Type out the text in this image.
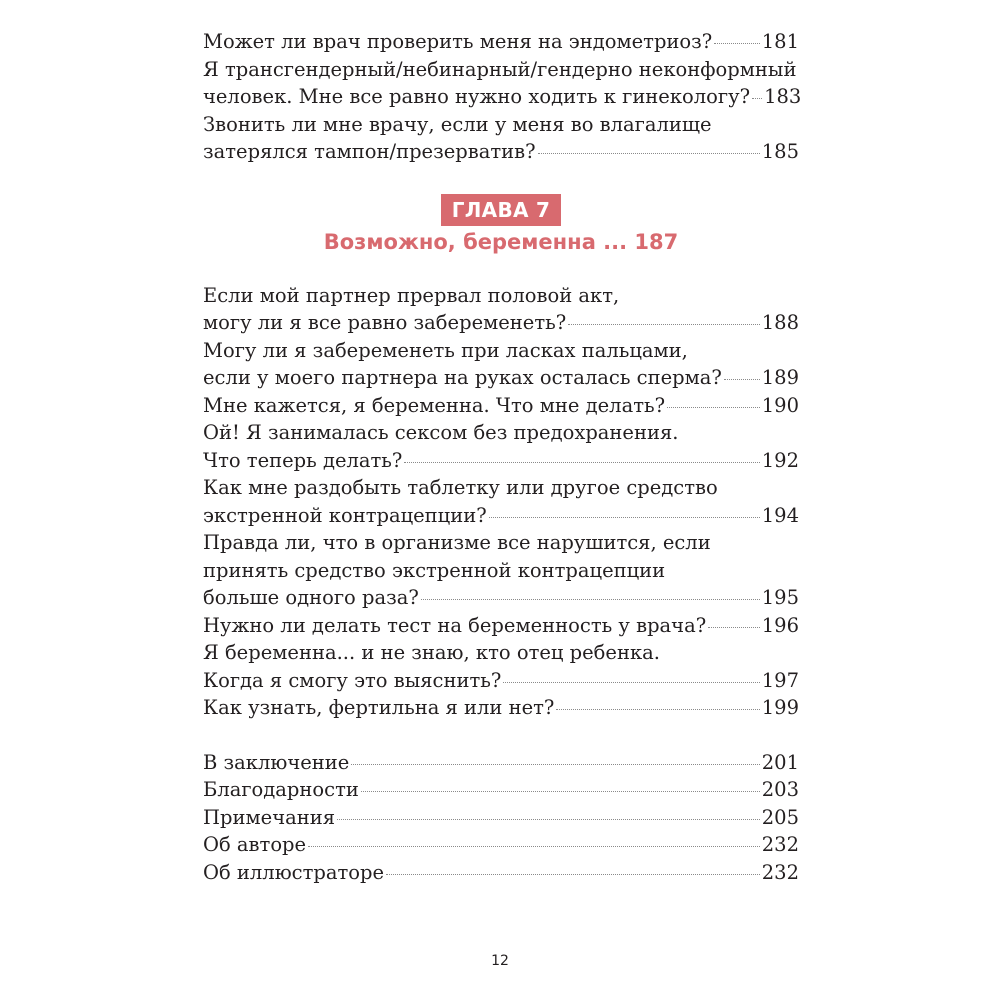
Может ли врач проверить меня на эндометриоз?	181
Я трансгендерный/небинарный/гендерно неконформный
человек. Мне все равно нужно ходить к гинекологу? 183
Звонить ли мне врачу, если у меня во влагалище
затерялся тампон/презерватив?	185
ГЛАВА 7
Возможно, беременна ... 187
Если мой партнер прервал половой акт,
могу ли я все равно забеременеть?	188
Могу ли я забеременеть при ласках пальцами,
если у моего партнера на руках осталась сперма? 189
Мне кажется, я беременна. Что мне делать?	190
Ой! Я занималась сексом без предохранения.
Что теперь делать?	192
Как мне раздобыть таблетку или другое средство
экстренной контрацепции?	194
Правда ли, что в организме все нарушится, если
принять средство экстренной контрацепции
больше одного раза?	195
Нужно ли делать тест на беременность у врача?	196
Я беременна... и не знаю, кто отец ребенка.
Когда я смогу это выяснить?	197
Как узнать, фертильна я или нет?	199
В заключение	201
Благодарности	203
Примечания	205
Об авторе	232
Об иллюстраторе	232
12
